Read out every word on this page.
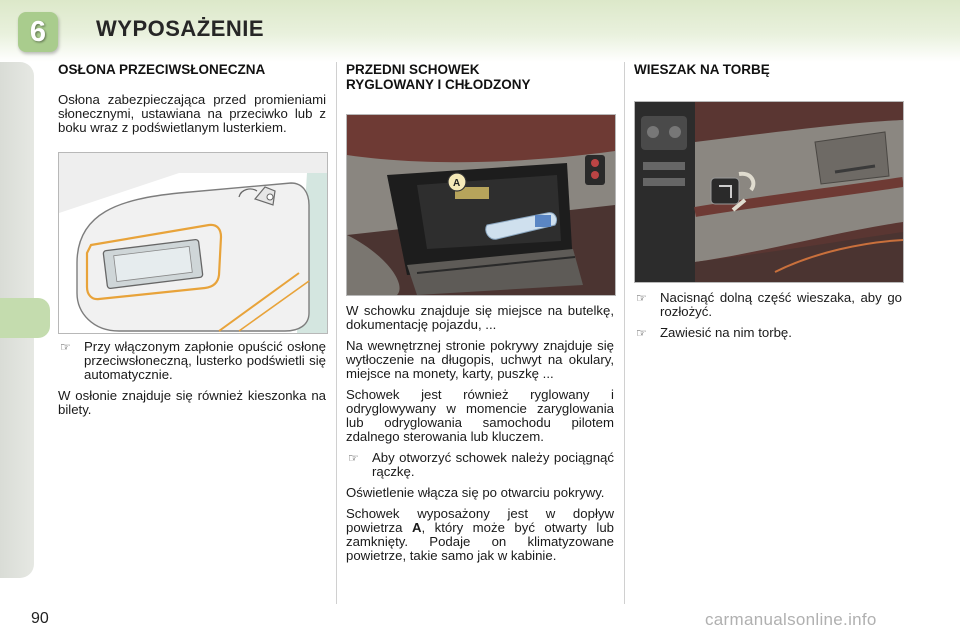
6 WYPOSAŻENIE
OSŁONA PRZECIWSŁONECZNA

Osłona zabezpieczająca przed promieniami słonecznymi, ustawiana na przeciwko lub z boku wraz z podświetlanym lusterkiem.

☞	Przy włączonym zapłonie opuścić osłonę przeciwsłoneczną, lusterko podświetli się automatycznie.

W osłonie znajduje się również kieszonka na bilety.

PRZEDNI SCHOWEK
RYGLOWANY I CHŁODZONY
A

W schowku znajduje się miejsce na butelkę, dokumentację pojazdu, ...

Na wewnętrznej stronie pokrywy znajduje się wytłoczenie na długopis, uchwyt na okulary, miejsce na monety, karty, puszkę ...

Schowek jest również ryglowany i odryglowywany w momencie zaryglowania lub odryglowania samochodu pilotem zdalnego sterowania lub kluczem.

☞	Aby otworzyć schowek należy pociągnąć rączkę.

Oświetlenie włącza się po otwarciu pokrywy.

Schowek wyposażony jest w dopływ powietrza A, który może być otwarty lub zamknięty. Podaje on klimatyzowane powietrze, takie samo jak w kabinie.

WIESZAK NA TORBĘ
☞	Nacisnąć dolną część wieszaka, aby go rozłożyć.
☞	Zawiesić na nim torbę.
90	carmanualsonline.info
